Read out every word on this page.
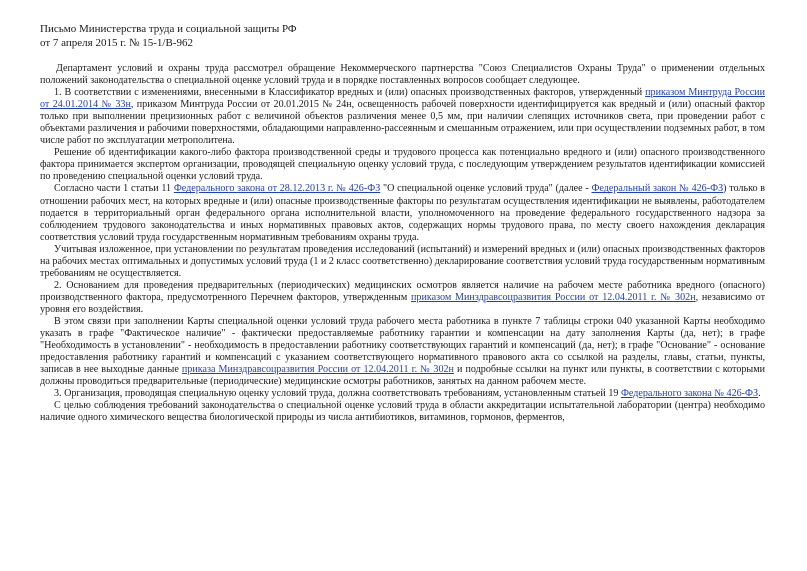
Письмо Министерства труда и социальной защиты РФ

от 7 апреля 2015 г. № 15-1/В-962

Департамент условий и охраны труда рассмотрел обращение Некоммерческого партнерства "Союз Специалистов Охраны Труда" о применении отдельных положений законодательства о специальной оценке условий труда и в порядке поставленных вопросов сообщает следующее.

1. В соответствии с изменениями, внесенными в Классификатор вредных и (или) опасных производственных факторов, утвержденный приказом Минтруда России от 24.01.2014 № 33н, приказом Минтруда России от 20.01.2015 № 24н, освещенность рабочей поверхности идентифицируется как вредный и (или) опасный фактор только при выполнении прецизионных работ с величиной объектов различения менее 0,5 мм, при наличии слепящих источников света, при проведении работ с объектами различения и рабочими поверхностями, обладающими направленно-рассеянным и смешанным отражением, или при осуществлении подземных работ, в том числе работ по эксплуатации метрополитена.

Решение об идентификации какого-либо фактора производственной среды и трудового процесса как потенциально вредного и (или) опасного производственного фактора принимается экспертом организации, проводящей специальную оценку условий труда, с последующим утверждением результатов идентификации комиссией по проведению специальной оценки условий труда.

Согласно части 1 статьи 11 Федерального закона от 28.12.2013 г. № 426-ФЗ "О специальной оценке условий труда" (далее - Федеральный закон № 426-ФЗ) только в отношении рабочих мест, на которых вредные и (или) опасные производственные факторы по результатам осуществления идентификации не выявлены, работодателем подается в территориальный орган федерального органа исполнительной власти, уполномоченного на проведение федерального государственного надзора за соблюдением трудового законодательства и иных нормативных правовых актов, содержащих нормы трудового права, по месту своего нахождения декларация соответствия условий труда государственным нормативным требованиям охраны труда.

Учитывая изложенное, при установлении по результатам проведения исследований (испытаний) и измерений вредных и (или) опасных производственных факторов на рабочих местах оптимальных и допустимых условий труда (1 и 2 класс соответственно) декларирование соответствия условий труда государственным нормативным требованиям не осуществляется.

2. Основанием для проведения предварительных (периодических) медицинских осмотров является наличие на рабочем месте работника вредного (опасного) производственного фактора, предусмотренного Перечнем факторов, утвержденным приказом Минздравсоцразвития России от 12.04.2011 г. № 302н, независимо от уровня его воздействия.

В этом связи при заполнении Карты специальной оценки условий труда рабочего места работника в пункте 7 таблицы строки 040 указанной Карты необходимо указать в графе "Фактическое наличие" - фактически предоставляемые работнику гарантии и компенсации на дату заполнения Карты (да, нет); в графе "Необходимость в установлении" - необходимость в предоставлении работнику соответствующих гарантий и компенсаций (да, нет); в графе "Основание" - основание предоставления работнику гарантий и компенсаций с указанием соответствующего нормативного правового акта со ссылкой на разделы, главы, статьи, пункты, записав в нее выходные данные приказа Минздравсоцразвития России от 12.04.2011 г. № 302н и подробные ссылки на пункт или пункты, в соответствии с которыми должны проводиться предварительные (периодические) медицинские осмотры работников, занятых на данном рабочем месте.

3. Организация, проводящая специальную оценку условий труда, должна соответствовать требованиям, установленным статьей 19 Федерального закона № 426-ФЗ.

С целью соблюдения требований законодательства о специальной оценке условий труда в области аккредитации испытательной лаборатории (центра) необходимо наличие одного химического вещества биологической природы из числа антибиотиков, витаминов, гормонов, ферментов,
